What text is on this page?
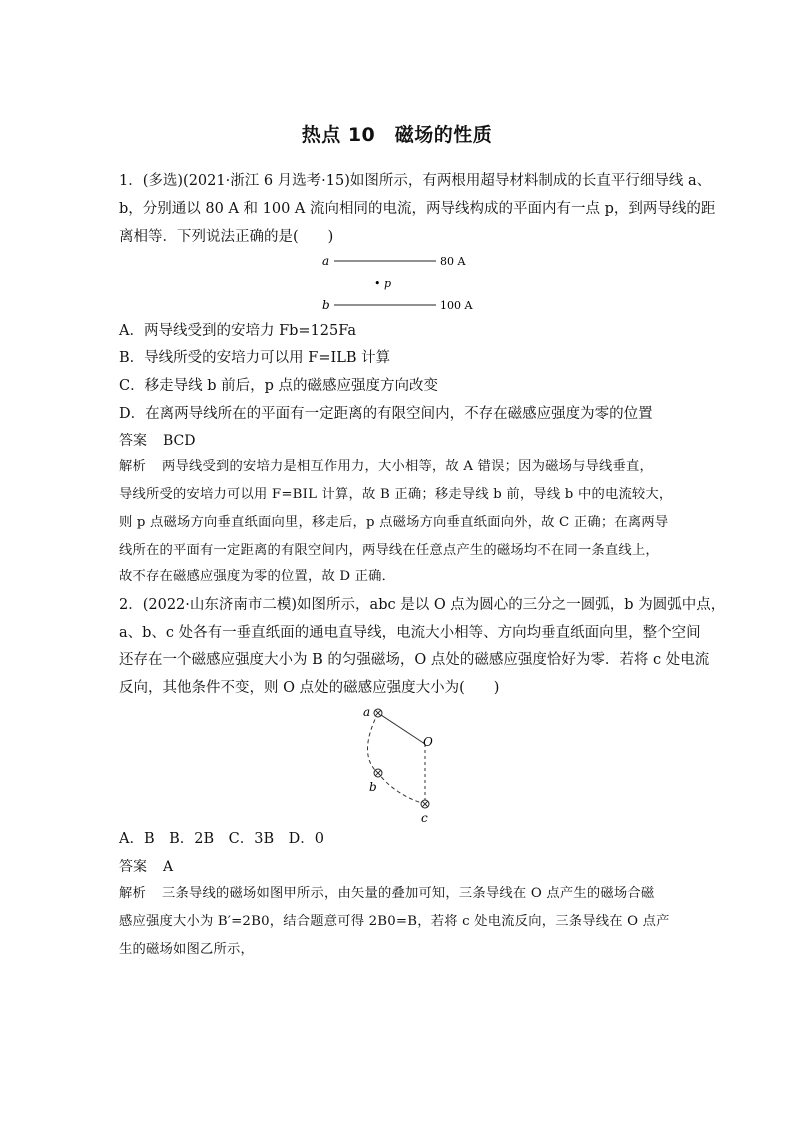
热点 10　磁场的性质
1．(多选)(2021·浙江 6 月选考·15)如图所示，有两根用超导材料制成的长直平行细导线 a、
b，分别通以 80 A 和 100 A 流向相同的电流，两导线构成的平面内有一点 p，到两导线的距
离相等．下列说法正确的是(　　)
a	80 A
• p
b	100 A
A．两导线受到的安培力 Fb=125Fa
B．导线所受的安培力可以用 F=ILB 计算
C．移走导线 b 前后，p 点的磁感应强度方向改变
D．在离两导线所在的平面有一定距离的有限空间内，不存在磁感应强度为零的位置
答案 BCD
解析 两导线受到的安培力是相互作用力，大小相等，故 A 错误；因为磁场与导线垂直，
导线所受的安培力可以用 F=BIL 计算，故 B 正确；移走导线 b 前，导线 b 中的电流较大，
则 p 点磁场方向垂直纸面向里，移走后，p 点磁场方向垂直纸面向外，故 C 正确；在离两导
线所在的平面有一定距离的有限空间内，两导线在任意点产生的磁场均不在同一条直线上，
故不存在磁感应强度为零的位置，故 D 正确．
2．(2022·山东济南市二模)如图所示，abc 是以 O 点为圆心的三分之一圆弧，b 为圆弧中点，
a、b、c 处各有一垂直纸面的通电直导线，电流大小相等、方向均垂直纸面向里，整个空间
还存在一个磁感应强度大小为 B 的匀强磁场，O 点处的磁感应强度恰好为零．若将 c 处电流
反向，其他条件不变，则 O 点处的磁感应强度大小为(　　)
a
O
b
c
A．B　B．2B　C．3B　D．0
答案 A
解析 三条导线的磁场如图甲所示，由矢量的叠加可知，三条导线在 O 点产生的磁场合磁
感应强度大小为 B′=2B0，结合题意可得 2B0=B，若将 c 处电流反向，三条导线在 O 点产
生的磁场如图乙所示，
